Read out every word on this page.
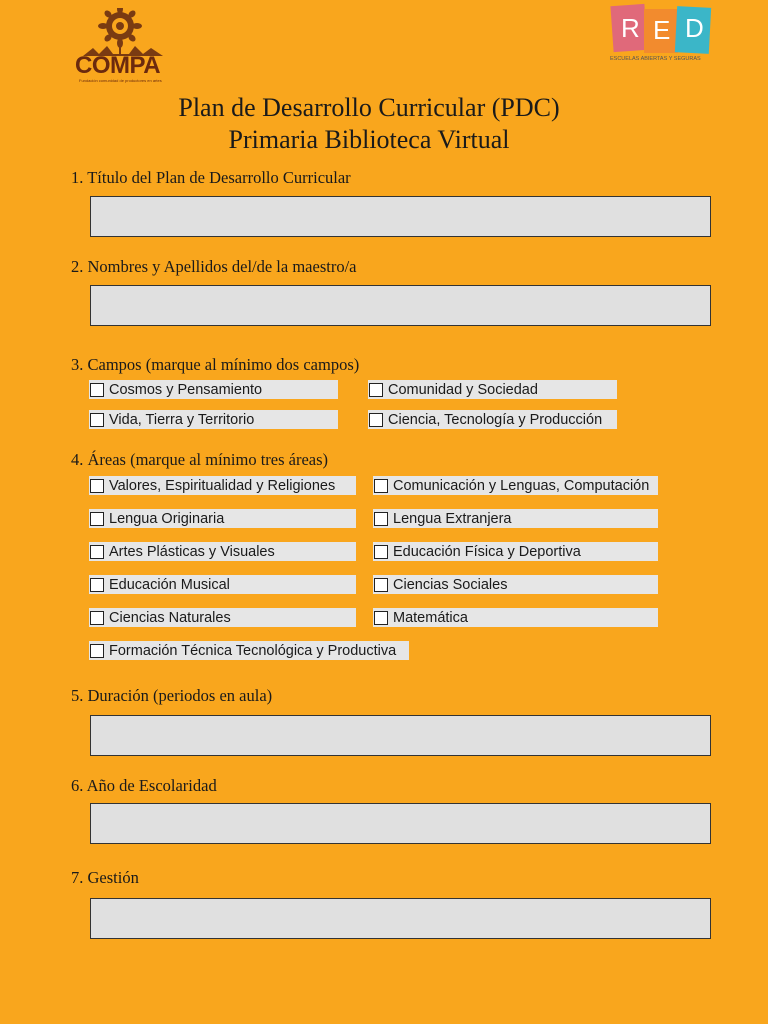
COMPA
Fundación comunidad de productores en artes
R E D
ESCUELAS ABIERTAS Y SEGURAS
Plan de Desarrollo Curricular (PDC)
Primaria Biblioteca Virtual
1. Título del Plan de Desarrollo Curricular
2. Nombres y Apellidos del/de la maestro/a
3. Campos (marque al mínimo dos campos)
Cosmos y Pensamiento	Comunidad y Sociedad
Vida, Tierra y Territorio	Ciencia, Tecnología y Producción
4. Áreas (marque al mínimo tres áreas)
Valores, Espiritualidad y Religiones	Comunicación y Lenguas, Computación
Lengua Originaria	Lengua Extranjera
Artes Plásticas y Visuales	Educación Física y Deportiva
Educación Musical	Ciencias Sociales
Ciencias Naturales	Matemática
Formación Técnica Tecnológica y Productiva
5. Duración (periodos en aula)
6. Año de Escolaridad
7. Gestión
